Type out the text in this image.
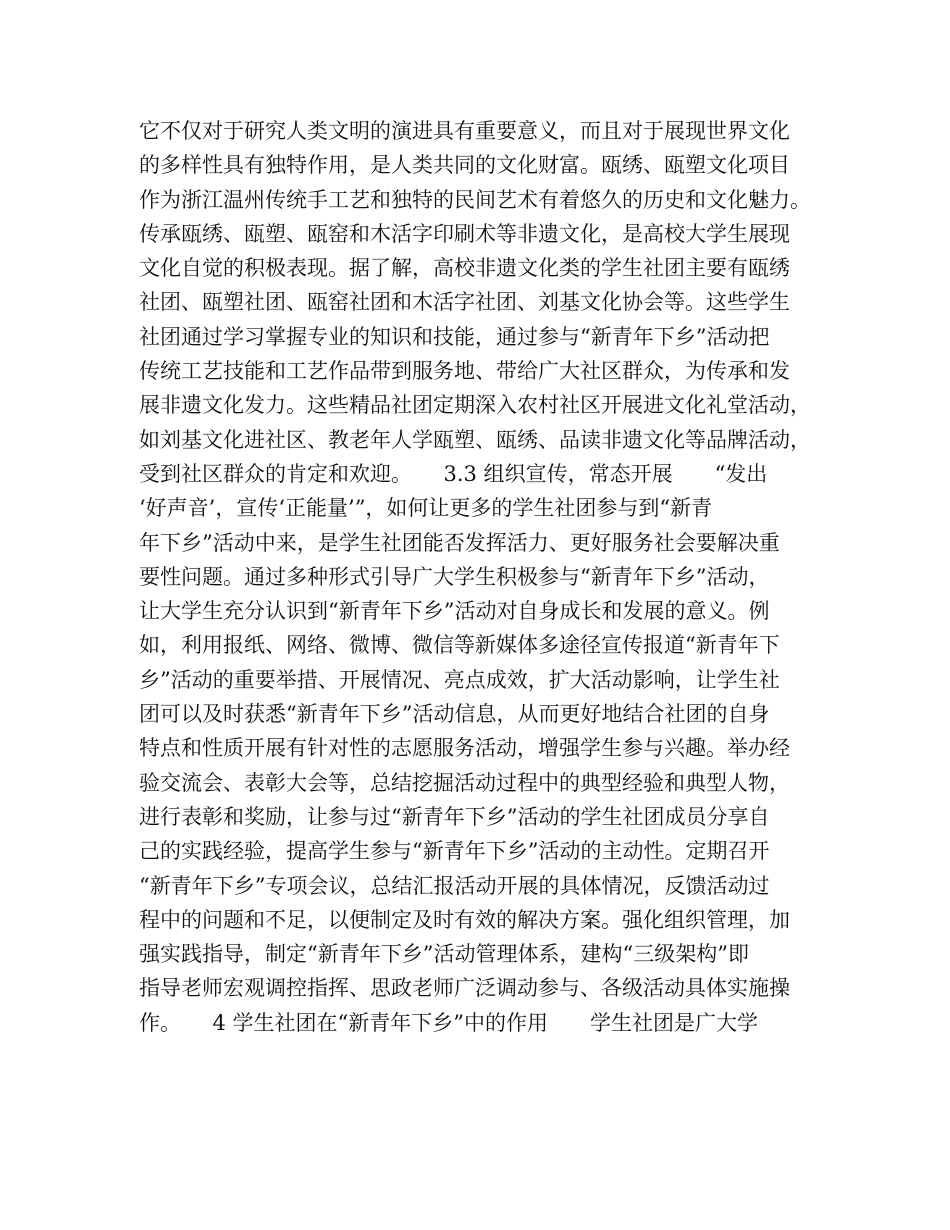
它不仅对于研究人类文明的演进具有重要意义，而且对于展现世界文化
的多样性具有独特作用，是人类共同的文化财富。瓯绣、瓯塑文化项目
作为浙江温州传统手工艺和独特的民间艺术有着悠久的历史和文化魅力。
传承瓯绣、瓯塑、瓯窑和木活字印刷术等非遗文化，是高校大学生展现
文化自觉的积极表现。据了解，高校非遗文化类的学生社团主要有瓯绣
社团、瓯塑社团、瓯窑社团和木活字社团、刘基文化协会等。这些学生
社团通过学习掌握专业的知识和技能，通过参与“新青年下乡”活动把
传统工艺技能和工艺作品带到服务地、带给广大社区群众，为传承和发
展非遗文化发力。这些精品社团定期深入农村社区开展进文化礼堂活动，
如刘基文化进社区、教老年人学瓯塑、瓯绣、品读非遗文化等品牌活动，
受到社区群众的肯定和欢迎。　　3.3 组织宣传，常态开展　　“发出
‘好声音’，宣传‘正能量’”，如何让更多的学生社团参与到“新青
年下乡”活动中来，是学生社团能否发挥活力、更好服务社会要解决重
要性问题。通过多种形式引导广大学生积极参与“新青年下乡”活动，
让大学生充分认识到“新青年下乡”活动对自身成长和发展的意义。例
如，利用报纸、网络、微博、微信等新媒体多途径宣传报道“新青年下
乡”活动的重要举措、开展情况、亮点成效，扩大活动影响，让学生社
团可以及时获悉“新青年下乡”活动信息，从而更好地结合社团的自身
特点和性质开展有针对性的志愿服务活动，增强学生参与兴趣。举办经
验交流会、表彰大会等，总结挖掘活动过程中的典型经验和典型人物，
进行表彰和奖励，让参与过“新青年下乡”活动的学生社团成员分享自
己的实践经验，提高学生参与“新青年下乡”活动的主动性。定期召开
“新青年下乡”专项会议，总结汇报活动开展的具体情况，反馈活动过
程中的问题和不足，以便制定及时有效的解决方案。强化组织管理，加
强实践指导，制定“新青年下乡”活动管理体系，建构“三级架构”即
指导老师宏观调控指挥、思政老师广泛调动参与、各级活动具体实施操
作。　　4 学生社团在“新青年下乡”中的作用　　学生社团是广大学
